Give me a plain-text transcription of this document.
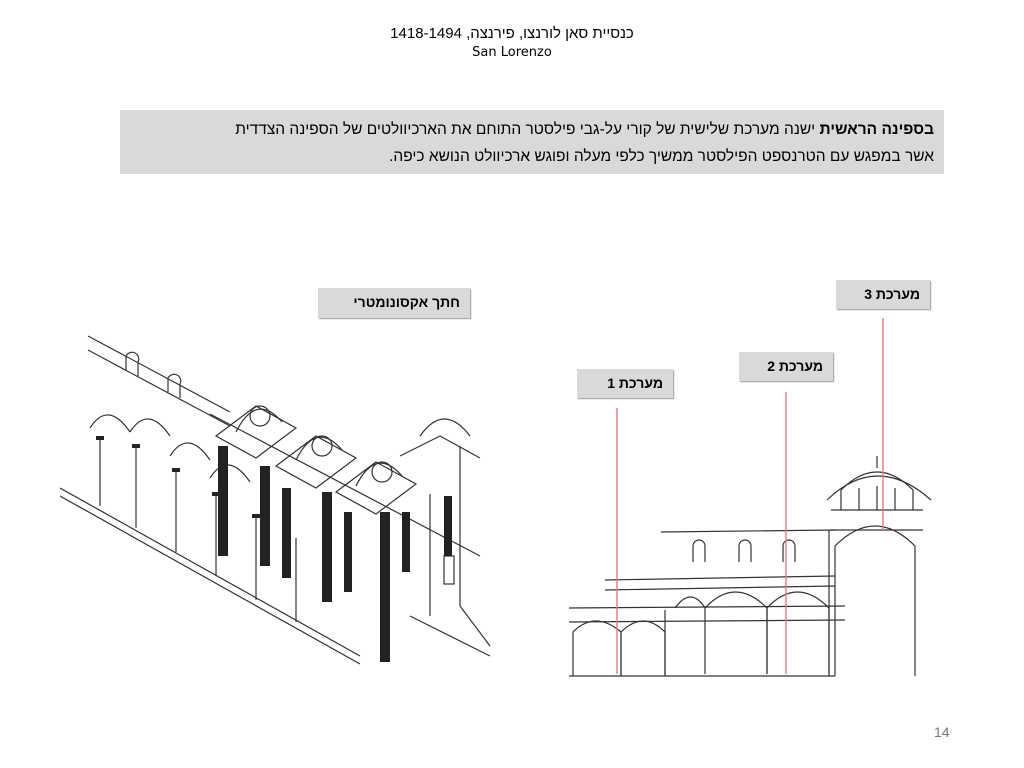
כנסיית סאן לורנצו, פירנצה, 1418-1494
San Lorenzo
בספינה הראשית ישנה מערכת שלישית של קורי על-גבי פילסטר התוחם את הארכיוולטים של הספינה הצדדית
אשר במפגש עם הטרנספט הפילסטר ממשיך כלפי מעלה ופוגש ארכיוולט הנושא כיפה.
חתך אקסונומטרי	מערכת 3
מערכת 2
מערכת 1
14
